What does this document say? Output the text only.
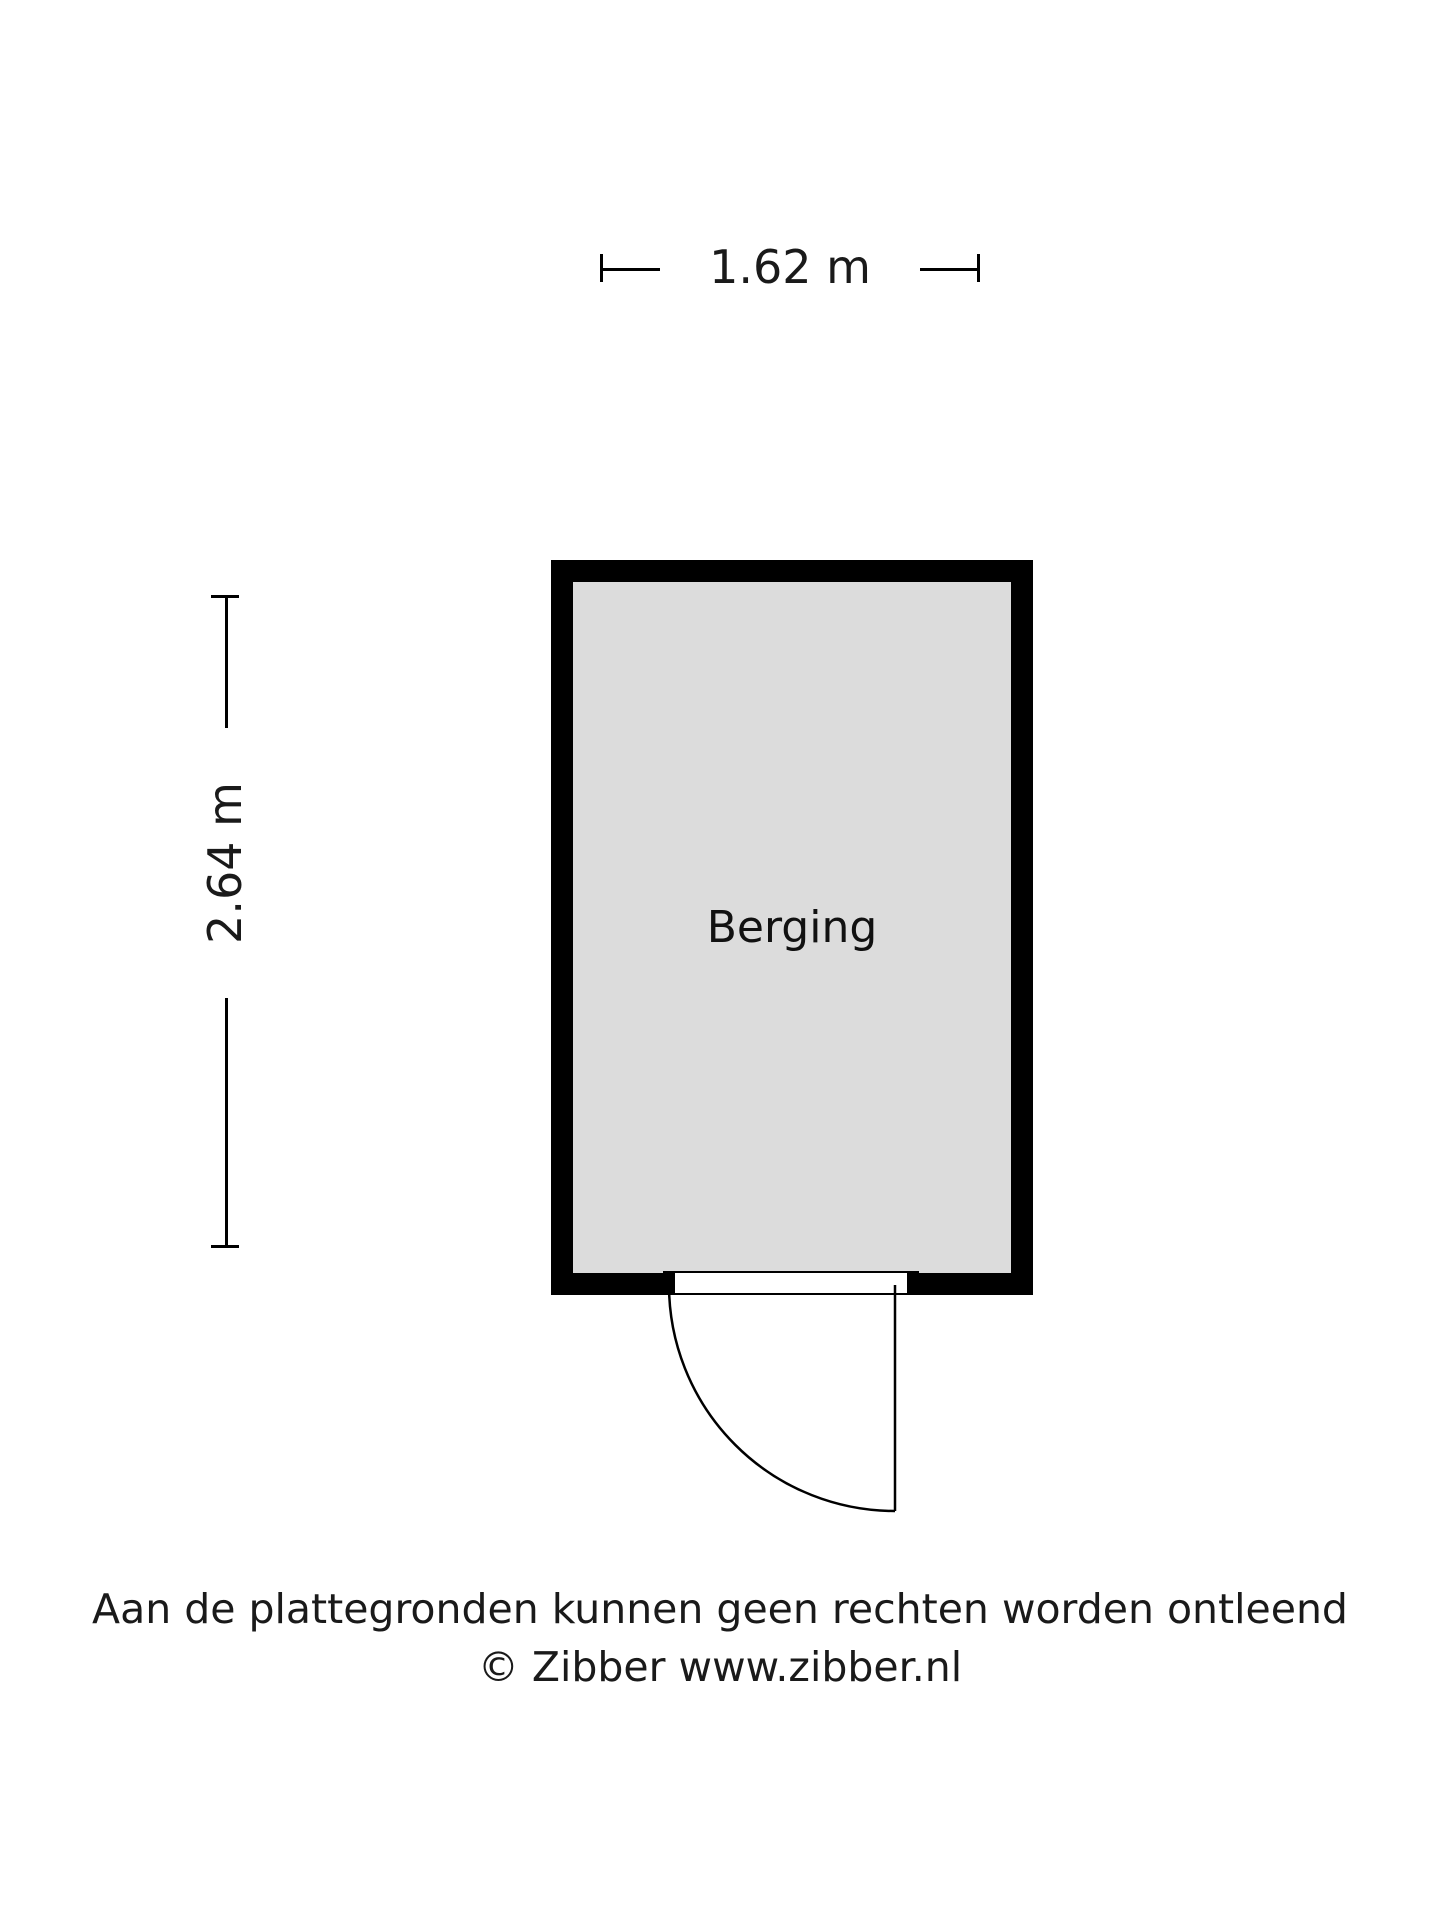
1.62 m
2.64 m	Berging
Aan de plattegronden kunnen geen rechten worden ontleend
© Zibber www.zibber.nl
